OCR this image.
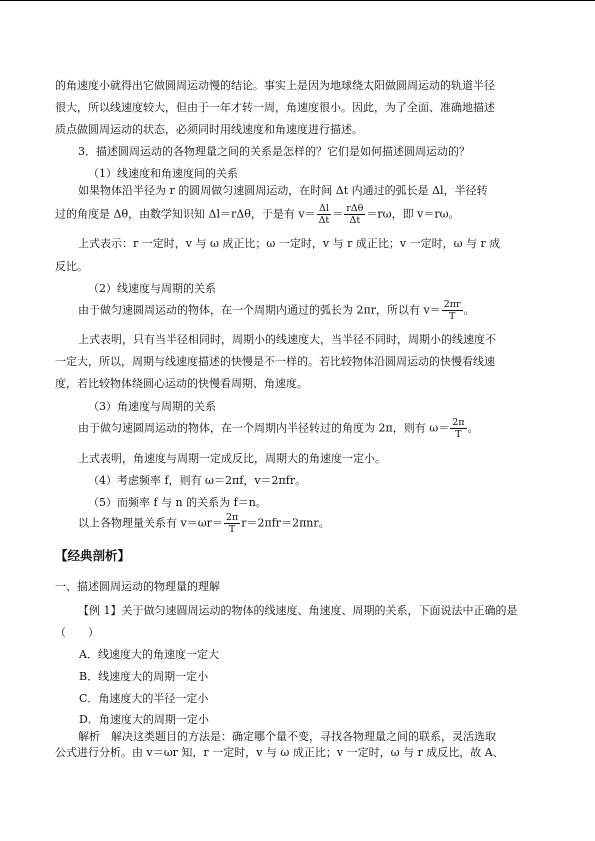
的角速度小就得出它做圆周运动慢的结论。事实上是因为地球绕太阳做圆周运动的轨道半径
很大，所以线速度较大，但由于一年才转一周，角速度很小。因此，为了全面、准确地描述
质点做圆周运动的状态，必须同时用线速度和角速度进行描述。
3．描述圆周运动的各物理量之间的关系是怎样的？它们是如何描述圆周运动的？
（1）线速度和角速度间的关系
如果物体沿半径为 r 的圆周做匀速圆周运动，在时间 Δt 内通过的弧长是 Δl，半径转
过的角度是 Δθ，由数学知识知 Δl＝rΔθ，于是有 $v= \frac{\Delta l}{\Delta t} = \frac{\text{rΔθ}}{\Delta t} =r\omega$，即 v＝rω。
上式表示：r 一定时，v 与 ω 成正比；ω 一定时，v 与 r 成正比；v 一定时，ω 与 r 成
反比。
（2）线速度与周期的关系
由于做匀速圆周运动的物体，在一个周期内通过的弧长为 2πr，所以有 $v= \frac{2\pi r}{T}$ 。
上式表明，只有当半径相同时，周期小的线速度大，当半径不同时，周期小的线速度不
一定大，所以，周期与线速度描述的快慢是不一样的。若比较物体沿圆周运动的快慢看线速
度，若比较物体绕圆心运动的快慢看周期、角速度。
（3）角速度与周期的关系
由于做匀速圆周运动的物体，在一个周期内半径转过的角度为 2π，则有 $\omega= \frac{2\pi}{T}$ 。
上式表明，角速度与周期一定成反比，周期大的角速度一定小。
（4）考虑频率 f，则有 ω＝2πf，v＝2πfr。
（5）而频率 f 与 n 的关系为 f＝n。
以上各物理量关系有 $v=\omega r= \frac{2\pi}{T} r=2\pi fr=2\pi nr$。
【经典剖析】
一、描述圆周运动的物理量的理解
【例 1】关于做匀速圆周运动的物体的线速度、角速度、周期的关系，下面说法中正确的是
（　　）
A．线速度大的角速度一定大
B．线速度大的周期一定小
C．角速度大的半径一定小
D．角速度大的周期一定小
解析　解决这类题目的方法是：确定哪个量不变，寻找各物理量之间的联系，灵活选取
公式进行分析。由 v＝ωr 知，r 一定时，v 与 ω 成正比；v 一定时，ω 与 r 成反比，故 A、
